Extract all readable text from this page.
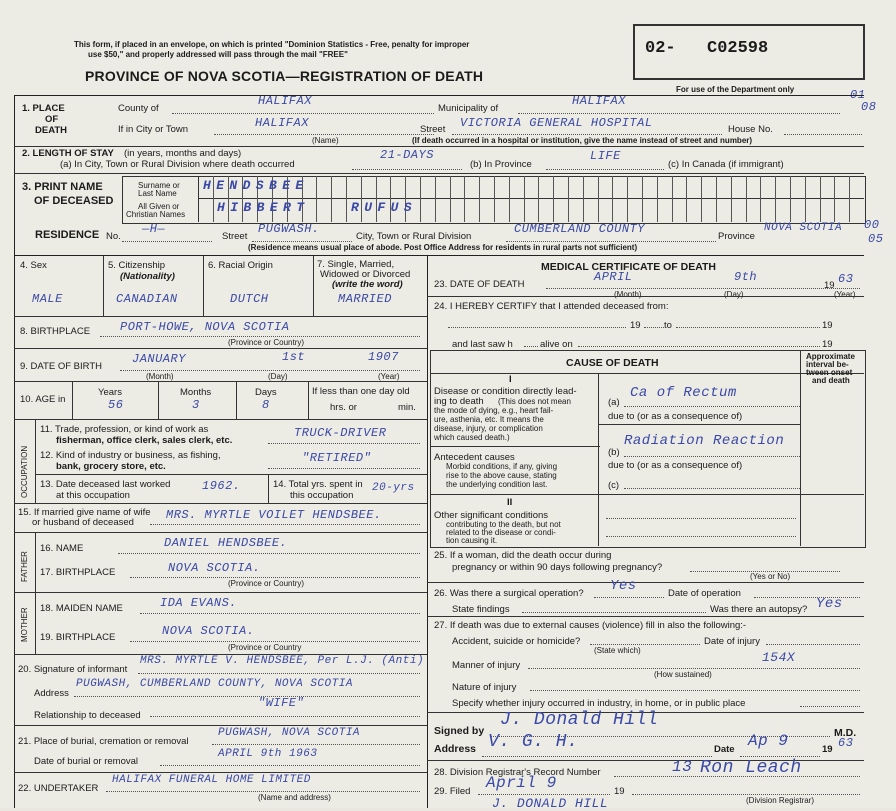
This form, if placed in an envelope, on which is printed "Dominion Statistics - Free, penalty for improper
use $50," and properly addressed will pass through the mail "FREE"
PROVINCE OF NOVA SCOTIA—REGISTRATION OF DEATH
02- C02598
For use of the Department only	01
08
1. PLACE
OF
DEATH
County of
HALIFAX
Municipality of
HALIFAX
If in City or Town	HALIFAX
(Name)
Street VICTORIA GENERAL HOSPITAL	House No.
(If death occurred in a hospital or institution, give the name instead of street and number)
2. LENGTH OF STAY (in years, months and days)
(a) In City, Town or Rural Division where death occurred
21-DAYS
(b) In Province
LIFE
(c) In Canada (if immigrant)
3. PRINT NAME
OF DECEASED
Surname or
Last Name
HENDSBEE
All Given or
Christian Names HIBBERT	RUFUS
RESIDENCE No.
—H—
Street
PUGWASH.
City, Town or Rural Division
CUMBERLAND COUNTY
Province
NOVA SCOTIA 00
05
(Residence means usual place of abode. Post Office Address for residents in rural parts not sufficient)
4. Sex
MALE
5. Citizenship
(Nationality)
CANADIAN
6. Racial Origin
DUTCH
7. Single, Married,
Widowed or Divorced
(write the word)
MARRIED
8. BIRTHPLACE PORT-HOWE, NOVA SCOTIA
(Province or Country)
9. DATE OF BIRTH
JANUARY	1st	1907
(Month)	(Day)	(Year)
10. AGE in
Years
56
Months
3
Days
8
If less than one day old
hrs. or	min.
OCCUPATION
11. Trade, profession, or kind of work as
fisherman, office clerk, sales clerk, etc.
TRUCK-DRIVER
12. Kind of industry or business, as fishing,
bank, grocery store, etc.
"RETIRED"
13. Date deceased last worked
at this occupation
1962.	14. Total yrs. spent in
this occupation
20-yrs
15. If married give name of wife
or husband of deceased
MRS. MYRTLE VOILET HENDSBEE.
FATHER
16. NAME	DANIEL HENDSBEE.
17. BIRTHPLACE	NOVA SCOTIA.
(Province or Country)
MOTHER 18. MAIDEN NAME	IDA EVANS.
19. BIRTHPLACE	NOVA SCOTIA.
(Province or Country
20. Signature of informant
MRS. MYRTLE V. HENDSBEE, Per L.J. (Anti)
Address
PUGWASH, CUMBERLAND COUNTY, NOVA SCOTIA
Relationship to deceased
"WIFE"
21. Place of burial, cremation or removal
PUGWASH, NOVA SCOTIA
Date of burial or removal
APRIL 9th 1963
22. UNDERTAKER
HALIFAX FUNERAL HOME LIMITED
(Name and address)
MEDICAL CERTIFICATE OF DEATH
23. DATE OF DEATH
APRIL	9th
19 63
(Month)	(Day)	(Year)
24. I HEREBY CERTIFY that I attended deceased from:
19 to	19
and last saw h	alive on	19
CAUSE OF DEATH
Approximate
interval be-
tween onset
and death
I
Disease or condition directly lead-
ing to death (This does not mean
the mode of dying, e.g., heart fail-
ure, asthenia, etc. It means the
disease, injury, or complication
which caused death.)
(a)
Ca of Rectum
due to (or as a consequence of)
(b)
Radiation Reaction
due to (or as a consequence of)
(c)
Antecedent causes
Morbid conditions, if any, giving
rise to the above cause, stating
the underlying condition last.
II
Other significant conditions
contributing to the death, but not
related to the disease or condi-
tion causing it.
25. If a woman, did the death occur during
pregnancy or within 90 days following pregnancy?
(Yes or No)
26. Was there a surgical operation? Yes	Date of operation
State findings	Was there an autopsy? Yes
27. If death was due to external causes (violence) fill in also the following:-
Accident, suicide or homicide?	Date of injury
(State which)
Manner of injury
154X
(How sustained)
Nature of injury
Specify whether injury occurred in industry, in home, or in public place
Signed by
J. Donald Hill
M.D.
Address V. G. H.	Date Ap 9	19 63
28. Division Registrar's Record Number	13
29. Filed April 9	19
Ron Leach
(Division Registrar)
J. DONALD HILL
